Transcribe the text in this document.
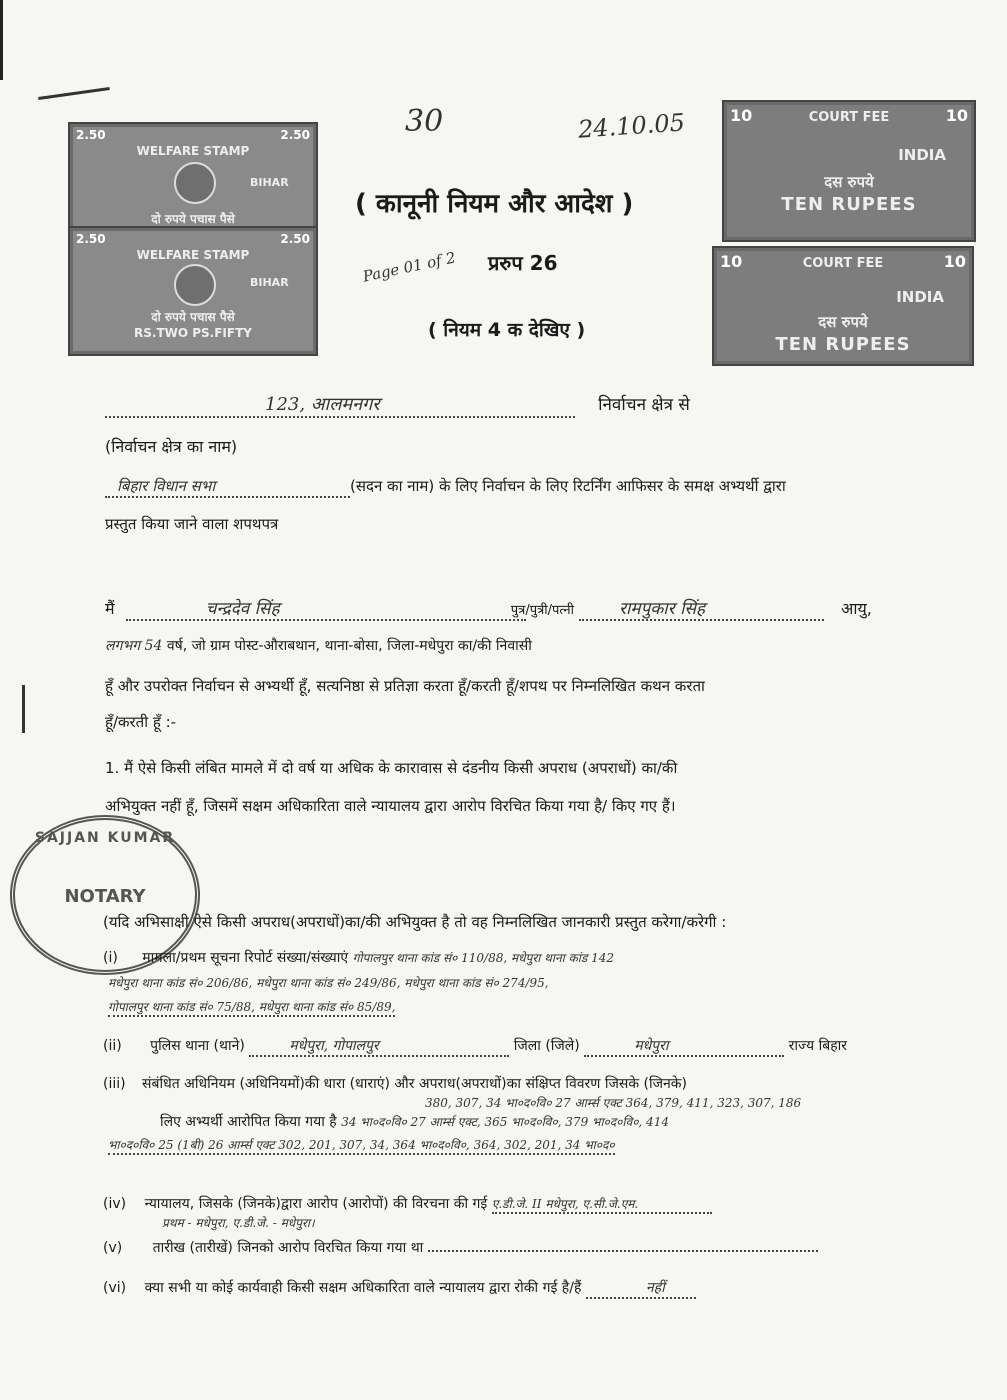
30	24.10.05
Page 01 of 2
2.50	2.50
WELFARE STAMP
BIHAR
दो रुपये पचास पैसे
2.50	2.50
WELFARE STAMP
BIHAR
दो रुपये पचास पैसे
RS.TWO PS.FIFTY
10	10
COURT FEE
INDIA
दस रुपये
TEN RUPEES
10	10
COURT FEE
INDIA
दस रुपये
TEN RUPEES
( कानूनी नियम और आदेश )
प्ररुप 26
( नियम 4 क देखिए )
123, आलमनगर	निर्वाचन क्षेत्र से
(निर्वाचन क्षेत्र का नाम)
बिहार विधान सभा	(सदन का नाम) के लिए निर्वाचन के लिए रिटर्निंग आफिसर के समक्ष अभ्यर्थी द्वारा
प्रस्तुत किया जाने वाला शपथपत्र
मैं	चन्द्रदेव सिंह	पुत्र/पुत्री/पत्नी	रामपुकार सिंह	आयु,
लगभग 54 वर्ष, जो ग्राम पोस्ट-औराबथान, थाना-बोसा, जिला-मधेपुरा का/की निवासी
हूँ और उपरोक्त निर्वाचन से अभ्यर्थी हूँ, सत्यनिष्ठा से प्रतिज्ञा करता हूँ/करती हूँ/शपथ पर निम्नलिखित कथन करता
हूँ/करती हूँ :-
1. मैं ऐसे किसी लंबित मामले में दो वर्ष या अधिक के कारावास से दंडनीय किसी अपराध (अपराधों) का/की
अभियुक्त नहीं हूँ, जिसमें सक्षम अधिकारिता वाले न्यायालय द्वारा आरोप विरचित किया गया है/ किए गए हैं।
SAJJAN KUMAR
NOTARY
(यदि अभिसाक्षी ऐसे किसी अपराध(अपराधों)का/की अभियुक्त है तो वह निम्नलिखित जानकारी प्रस्तुत करेगा/करेगी :
(i) मामला/प्रथम सूचना रिपोर्ट संख्या/संख्याएं गोपालपुर थाना कांड सं० 110/88, मधेपुरा थाना कांड 142
मधेपुरा थाना कांड सं० 206/86, मधेपुरा थाना कांड सं० 249/86, मधेपुरा थाना कांड सं० 274/95,
गोपालपुर थाना कांड सं० 75/88, मधेपुरा थाना कांड सं० 85/89,
(ii) पुलिस थाना (थाने)	मधेपुरा, गोपालपुर	जिला (जिले)	मधेपुरा	राज्य बिहार
(iii) संबंधित अधिनियम (अधिनियमों)की धारा (धाराएं) और अपराध(अपराधों)का संक्षिप्त विवरण जिसके (जिनके)
380, 307, 34 भा०द०वि० 27 आर्म्स एक्ट 364, 379, 411, 323, 307, 186
लिए अभ्यर्थी आरोपित किया गया है 34 भा०द०वि० 27 आर्म्स एक्ट, 365 भा०द०वि०, 379 भा०द०वि०, 414
भा०द०वि० 25 (1बी) 26 आर्म्स एक्ट 302, 201, 307, 34, 364 भा०द०वि०, 364, 302, 201, 34 भा०द०
(iv) न्यायालय, जिसके (जिनके)द्वारा आरोप (आरोपों) की विरचना की गई ए.डी.जे. II मधेपुरा, ए.सी.जे.एम.
प्रथम - मधेपुरा, ए.डी.जे. - मधेपुरा।
(v) तारीख (तारीखें) जिनको आरोप विरचित किया गया था
(vi) क्या सभी या कोई कार्यवाही किसी सक्षम अधिकारिता वाले न्यायालय द्वारा रोकी गई है/हैं	नहीं
